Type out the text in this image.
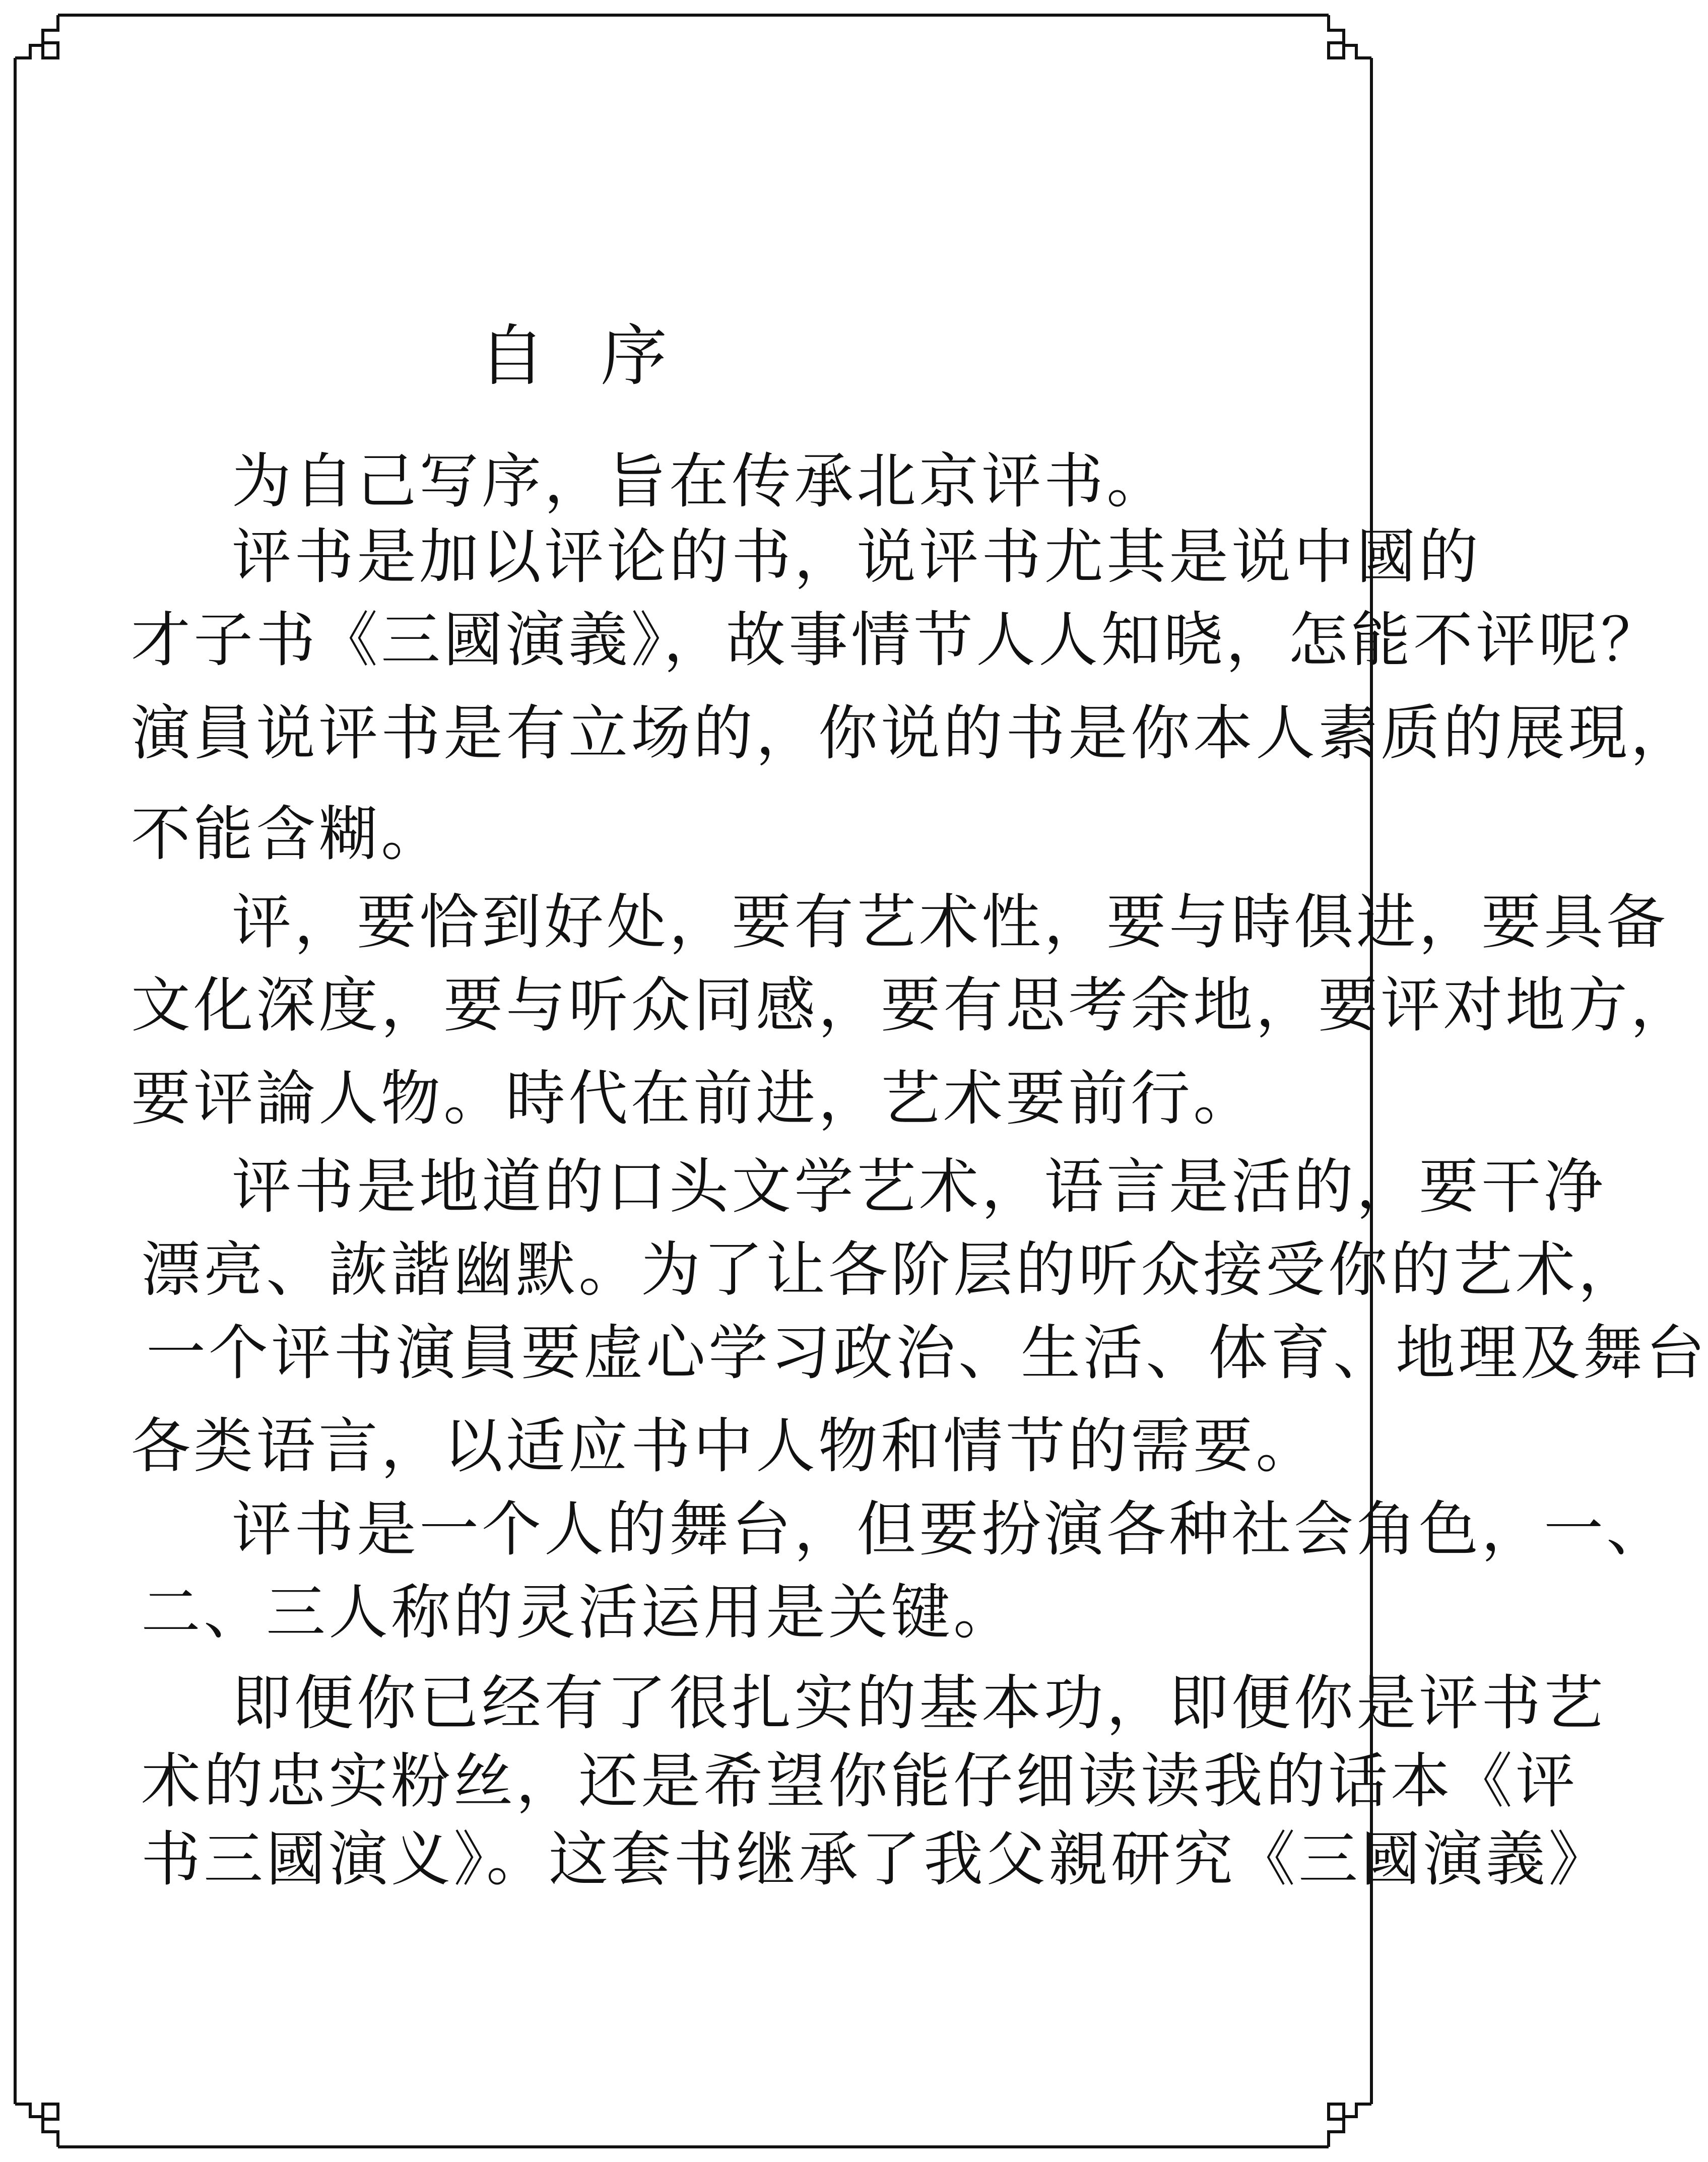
自序
为自己写序，旨在传承北京评书。
评书是加以评论的书，说评书尤其是说中國的
才子书《三國演義》，故事情节人人知晓，怎能不评呢？
演員说评书是有立场的，你说的书是你本人素质的展現，
不能含糊。
评，要恰到好处，要有艺术性，要与時俱进，要具备
文化深度，要与听众同感，要有思考余地，要评对地方，
要评論人物。時代在前进，艺术要前行。
评书是地道的口头文学艺术，语言是活的，要干净
漂亮、詼諧幽默。为了让各阶层的听众接受你的艺术，
一个评书演員要虚心学习政治、生活、体育、地理及舞台
各类语言，以适应书中人物和情节的需要。
评书是一个人的舞台，但要扮演各种社会角色，一、
二、三人称的灵活运用是关键。
即便你已经有了很扎实的基本功，即便你是评书艺
术的忠实粉丝，还是希望你能仔细读读我的话本《评
书三國演义》。这套书继承了我父親研究《三國演義》
